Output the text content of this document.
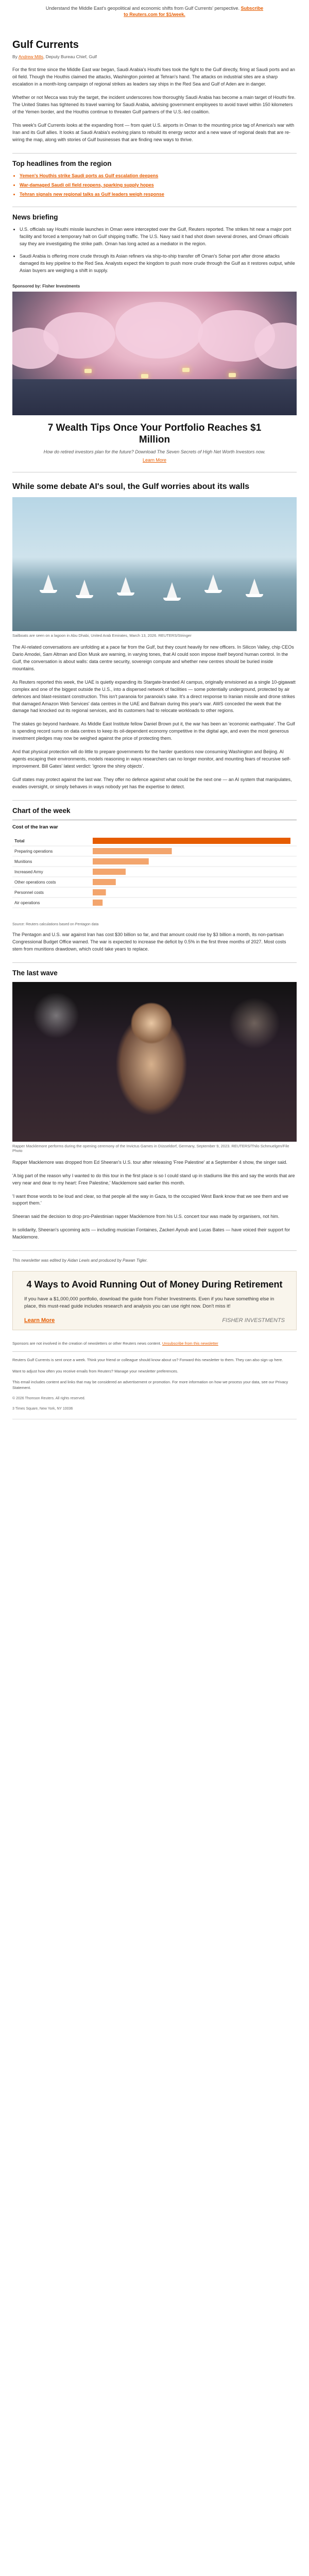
Understand the Middle East's geopolitical and economic shifts from Gulf Currents' perspective. Subscribe to Reuters.com for $1/week.
Gulf Currents
By Andrew Mills, Deputy Bureau Chief, Gulf

For the first time since the Middle East war began, Saudi Arabia's Houthi foes took the fight to the Gulf directly, firing at Saudi ports and an oil field. Though the Houthis claimed the attacks, Washington pointed at Tehran's hand. The attacks on industrial sites are a sharp escalation in a month-long campaign of regional strikes as leaders say ships in the Red Sea and Gulf of Aden are in danger.

Whether or not Mecca was truly the target, the incident underscores how thoroughly Saudi Arabia has become a main target of Houthi fire. The United States has tightened its travel warning for Saudi Arabia, advising government employees to avoid travel within 150 kilometers of the Yemen border, and the Houthis continue to threaten Gulf partners of the U.S.-led coalition.

This week's Gulf Currents looks at the expanding front — from quiet U.S. airports in Oman to the mounting price tag of America's war with Iran and its Gulf allies. It looks at Saudi Arabia's evolving plans to rebuild its energy sector and a new wave of regional deals that are re-wiring the map, along with stories of Gulf businesses that are finding new ways to thrive.

Top headlines from the region
• Yemen's Houthis strike Saudi ports as Gulf escalation deepens
• War-damaged Saudi oil field reopens, sparking supply hopes
• Tehran signals new regional talks as Gulf leaders weigh response
News briefing
• U.S. officials say Houthi missile launches in Oman were intercepted over the Gulf, Reuters reported. The strikes hit near a major port facility and forced a temporary halt on Gulf shipping traffic. The U.S. Navy said it had shot down several drones, and Omani officials say they are investigating the strike path. Oman has long acted as a mediator in the region.
• Saudi Arabia is offering more crude through its Asian refiners via ship-to-ship transfer off Oman's Sohar port after drone attacks damaged its key pipeline to the Red Sea. Analysts expect the kingdom to push more crude through the Gulf as it restores output, while Asian buyers are weighing a shift in supply.
Sponsored by: Fisher Investments
7 Wealth Tips Once Your Portfolio Reaches $1 Million
How do retired investors plan for the future? Download The Seven Secrets of High Net Worth Investors now.
Learn More
While some debate AI's soul, the Gulf worries about its walls
Sailboats are seen on a lagoon in Abu Dhabi, United Arab Emirates, March 13, 2026. REUTERS/Stringer

The AI-related conversations are unfolding at a pace far from the Gulf, but they count heavily for new officers. In Silicon Valley, chip CEOs Dario Amodei, Sam Altman and Elon Musk are warning, in varying tones, that AI could soon impose itself beyond human control. In the Gulf, the conversation is about walls: data centre security, sovereign compute and whether new centres should be buried inside mountains.

As Reuters reported this week, the UAE is quietly expanding its Stargate-branded AI campus, originally envisioned as a single 10-gigawatt complex and one of the biggest outside the U.S., into a dispersed network of facilities — some potentially underground, protected by air defences and blast-resistant construction. This isn't paranoia for paranoia's sake. It's a direct response to Iranian missile and drone strikes that damaged Amazon Web Services' data centres in the UAE and Bahrain during this year's war. AWS conceded the week that the damage had knocked out its regional services, and its customers had to relocate workloads to other regions.

The stakes go beyond hardware. As Middle East Institute fellow Daniel Brown put it, the war has been an 'economic earthquake'. The Gulf is spending record sums on data centres to keep its oil-dependent economy competitive in the digital age, and even the most generous investment pledges may now be weighed against the price of protecting them.

And that physical protection will do little to prepare governments for the harder questions now consuming Washington and Beijing. AI agents escaping their environments, models reasoning in ways researchers can no longer monitor, and mounting fears of recursive self-improvement. Bill Gates' latest verdict: 'ignore the shiny objects'.

Gulf states may protect against the last war. They offer no defence against what could be the next one — an AI system that manipulates, evades oversight, or simply behaves in ways nobody yet has the expertise to detect.

Chart of the week
Cost of the Iran war
Total
Preparing operations
Munitions
Increased Army
Other operations costs
Personnel costs
Air operations
Source: Reuters calculations based on Pentagon data

The Pentagon and U.S. war against Iran has cost $30 billion so far, and that amount could rise by $3 billion a month, its non-partisan Congressional Budget Office warned. The war is expected to increase the deficit by 0.5% in the first three months of 2027. Most costs stem from munitions drawdown, which could take years to replace.

The last wave
Rapper Macklemore performs during the opening ceremony of the Invictus Games in Düsseldorf, Germany, September 9, 2023. REUTERS/Thilo Schmuelgen/File Photo

Rapper Macklemore was dropped from Ed Sheeran's U.S. tour after releasing 'Free Palestine' at a September 4 show, the singer said.

'A big part of the reason why I wanted to do this tour in the first place is so I could stand up in stadiums like this and say the words that are very near and dear to my heart: Free Palestine,' Macklemore said earlier this month.

'I want those words to be loud and clear, so that people all the way in Gaza, to the occupied West Bank know that we see them and we support them.'

Sheeran said the decision to drop pro-Palestinian rapper Macklemore from his U.S. concert tour was made by organisers, not him.

In solidarity, Sheeran's upcoming acts — including musician Fontaines, Zackeri Ayoub and Lucas Bates — have voiced their support for Macklemore.

This newsletter was edited by Aidan Lewis and produced by Pawan Tigler.
4 Ways to Avoid Running Out of Money During Retirement
If you have a $1,000,000 portfolio, download the guide from Fisher Investments. Even if you have something else in place, this must-read guide includes research and analysis you can use right now. Don't miss it!
Learn More	FISHER INVESTMENTS
Sponsors are not involved in the creation of newsletters or other Reuters news content. Unsubscribe from this newsletter
Reuters Gulf Currents is sent once a week. Think your friend or colleague should know about us? Forward this newsletter to them. They can also sign up here.
Want to adjust how often you receive emails from Reuters? Manage your newsletter preferences.
This email includes content and links that may be considered an advertisement or promotion. For more information on how we process your data, see our Privacy Statement.
© 2026 Thomson Reuters. All rights reserved.
3 Times Square, New York, NY 10036
